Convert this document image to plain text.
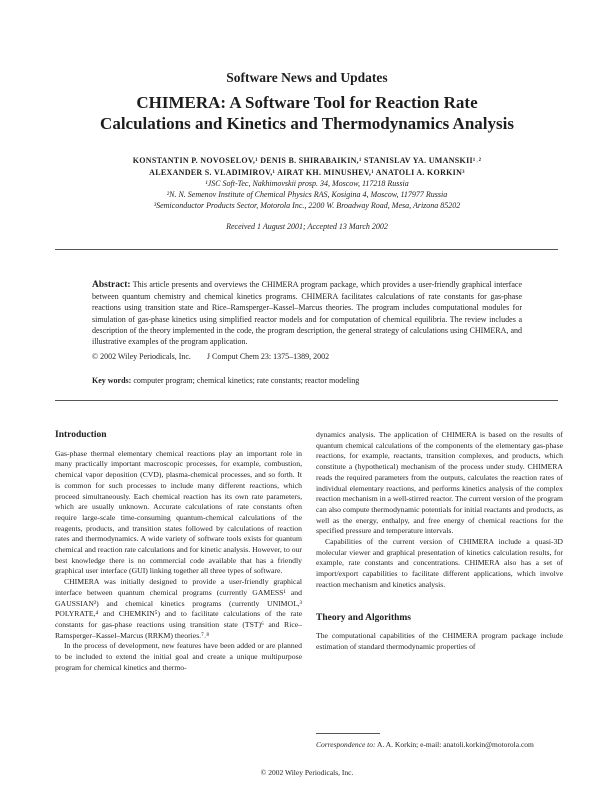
Software News and Updates
CHIMERA: A Software Tool for Reaction Rate
Calculations and Kinetics and Thermodynamics Analysis
KONSTANTIN P. NOVOSELOV,¹ DENIS B. SHIRABAIKIN,¹ STANISLAV YA. UMANSKII¹˒²
ALEXANDER S. VLADIMIROV,¹ AIRAT KH. MINUSHEV,¹ ANATOLI A. KORKIN³
¹JSC Soft-Tec, Nakhimovskii prosp. 34, Moscow, 117218 Russia
²N. N. Semenov Institute of Chemical Physics RAS, Kosigina 4, Moscow, 117977 Russia
³Semiconductor Products Sector, Motorola Inc., 2200 W. Broadway Road, Mesa, Arizona 85202
Received 1 August 2001; Accepted 13 March 2002
Abstract: This article presents and overviews the CHIMERA program package, which provides a user-friendly graphical interface between quantum chemistry and chemical kinetics programs. CHIMERA facilitates calculations of rate constants for gas-phase reactions using transition state and Rice–Ramsperger–Kassel–Marcus theories. The program includes computational modules for simulation of gas-phase kinetics using simplified reactor models and for computation of chemical equilibria. The review includes a description of the theory implemented in the code, the program description, the general strategy of calculations using CHIMERA, and illustrative examples of the program application.
© 2002 Wiley Periodicals, Inc. J Comput Chem 23: 1375–1389, 2002
Key words: computer program; chemical kinetics; rate constants; reactor modeling
Introduction

Gas-phase thermal elementary chemical reactions play an important role in many practically important macroscopic processes, for example, combustion, chemical vapor deposition (CVD), plasma-chemical processes, and so forth. It is common for such processes to include many different reactions, which proceed simultaneously. Each chemical reaction has its own rate parameters, which are usually unknown. Accurate calculations of rate constants often require large-scale time-consuming quantum-chemical calculations of the reagents, products, and transition states followed by calculations of reaction rates and thermodynamics. A wide variety of software tools exists for quantum chemical and reaction rate calculations and for kinetic analysis. However, to our best knowledge there is no commercial code available that has a friendly graphical user interface (GUI) linking together all three types of software.

CHIMERA was initially designed to provide a user-friendly graphical interface between quantum chemical programs (currently GAMESS¹ and GAUSSIAN²) and chemical kinetics programs (currently UNIMOL,³ POLYRATE,⁴ and CHEMKIN⁵) and to facilitate calculations of the rate constants for gas-phase reactions using transition state (TST)⁶ and Rice–Ramsperger–Kassel–Marcus (RRKM) theories.⁷˒⁸

In the process of development, new features have been added or are planned to be included to extend the initial goal and create a unique multipurpose program for chemical kinetics and thermo-

dynamics analysis. The application of CHIMERA is based on the results of quantum chemical calculations of the components of the elementary gas-phase reactions, for example, reactants, transition complexes, and products, which constitute a (hypothetical) mechanism of the process under study. CHIMERA reads the required parameters from the outputs, calculates the reaction rates of individual elementary reactions, and performs kinetics analysis of the complex reaction mechanism in a well-stirred reactor. The current version of the program can also compute thermodynamic potentials for initial reactants and products, as well as the energy, enthalpy, and free energy of chemical reactions for the specified pressure and temperature intervals.

Capabilities of the current version of CHIMERA include a quasi-3D molecular viewer and graphical presentation of kinetics calculation results, for example, rate constants and concentrations. CHIMERA also has a set of import/export capabilities to facilitate different applications, which involve reaction mechanism and kinetics analysis.

Theory and Algorithms

The computational capabilities of the CHIMERA program package include estimation of standard thermodynamic properties of

Correspondence to: A. A. Korkin; e-mail: anatoli.korkin@motorola.com
© 2002 Wiley Periodicals, Inc.
